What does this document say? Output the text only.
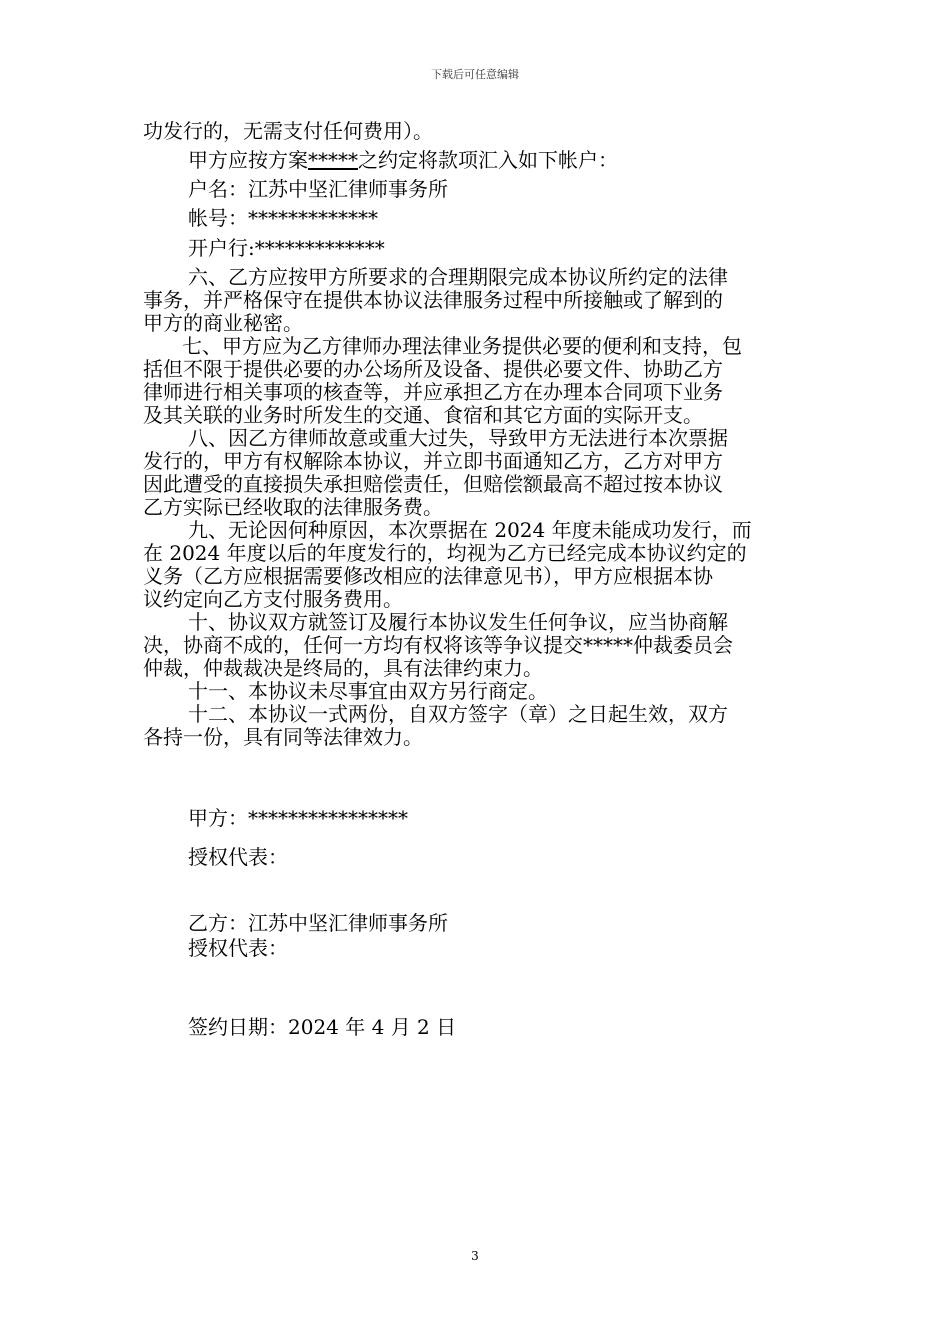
下载后可任意编辑
功发行的，无需支付任何费用）。
甲方应按方案*****之约定将款项汇入如下帐户：
户名：江苏中坚汇律师事务所
帐号：*************
开户行:*************
六、乙方应按甲方所要求的合理期限完成本协议所约定的法律
事务，并严格保守在提供本协议法律服务过程中所接触或了解到的
甲方的商业秘密。
七、甲方应为乙方律师办理法律业务提供必要的便利和支持，包
括但不限于提供必要的办公场所及设备、提供必要文件、协助乙方
律师进行相关事项的核查等，并应承担乙方在办理本合同项下业务
及其关联的业务时所发生的交通、食宿和其它方面的实际开支。
八、因乙方律师故意或重大过失，导致甲方无法进行本次票据
发行的，甲方有权解除本协议，并立即书面通知乙方，乙方对甲方
因此遭受的直接损失承担赔偿责任，但赔偿额最高不超过按本协议
乙方实际已经收取的法律服务费。
九、无论因何种原因，本次票据在 2024 年度未能成功发行，而
在 2024 年度以后的年度发行的，均视为乙方已经完成本协议约定的
义务（乙方应根据需要修改相应的法律意见书），甲方应根据本协
议约定向乙方支付服务费用。
十、协议双方就签订及履行本协议发生任何争议，应当协商解
决，协商不成的，任何一方均有权将该等争议提交*****仲裁委员会
仲裁，仲裁裁决是终局的，具有法律约束力。
十一、本协议未尽事宜由双方另行商定。
十二、本协议一式两份，自双方签字（章）之日起生效，双方
各持一份，具有同等法律效力。
甲方：****************
授权代表：
乙方：江苏中坚汇律师事务所
授权代表：
签约日期：2024 年 4 月 2 日
3
